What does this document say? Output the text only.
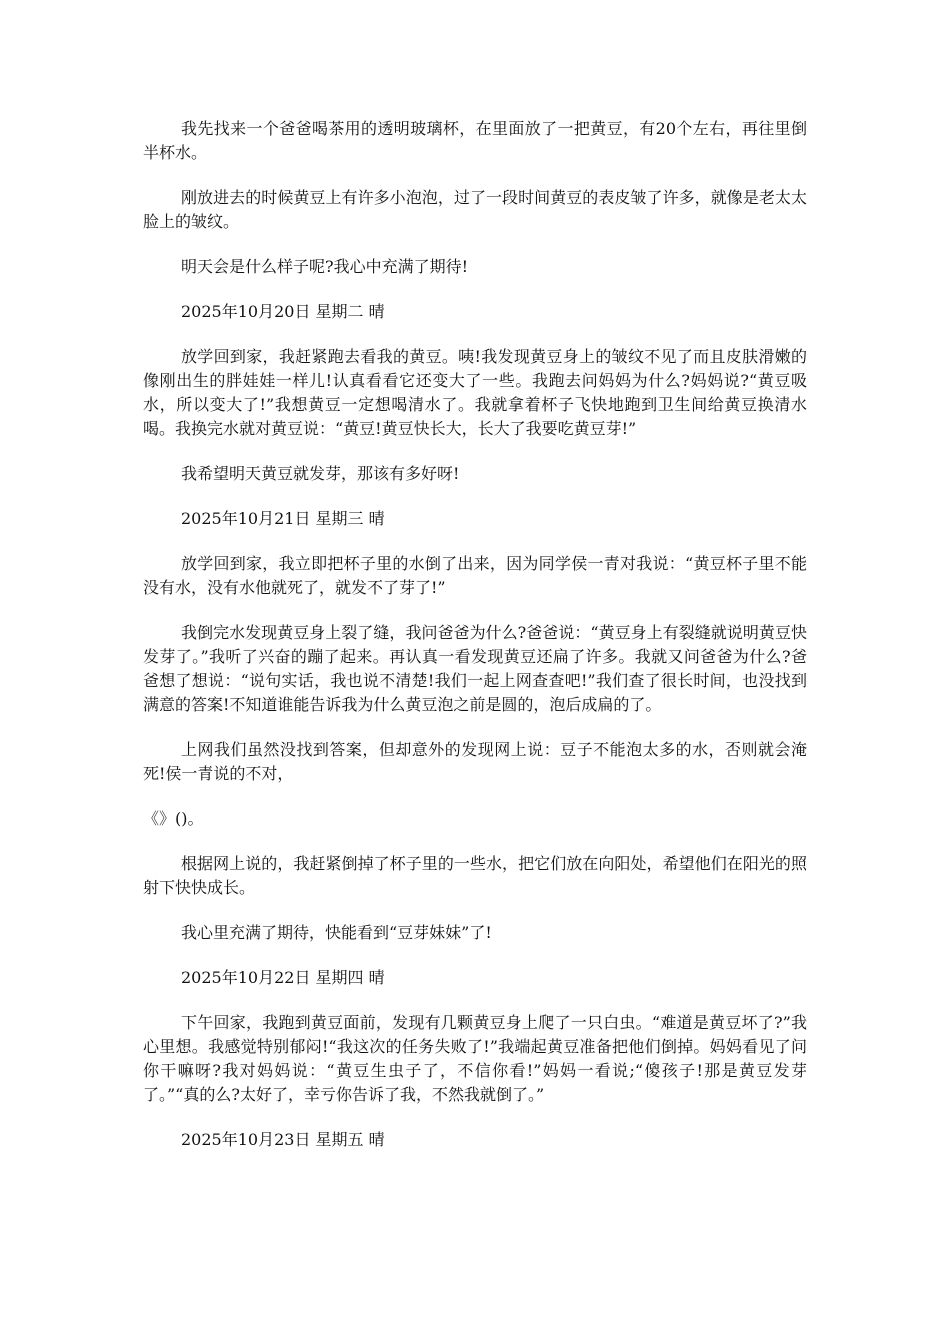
我先找来一个爸爸喝茶用的透明玻璃杯，在里面放了一把黄豆，有20个左右，再往里倒半杯水。

刚放进去的时候黄豆上有许多小泡泡，过了一段时间黄豆的表皮皱了许多，就像是老太太脸上的皱纹。

明天会是什么样子呢?我心中充满了期待!

2025年10月20日 星期二 晴

放学回到家，我赶紧跑去看我的黄豆。咦!我发现黄豆身上的皱纹不见了而且皮肤滑嫩的像刚出生的胖娃娃一样儿!认真看看它还变大了一些。我跑去问妈妈为什么?妈妈说?“黄豆吸水，所以变大了!”我想黄豆一定想喝清水了。我就拿着杯子飞快地跑到卫生间给黄豆换清水喝。我换完水就对黄豆说：“黄豆!黄豆快长大，长大了我要吃黄豆芽!”

我希望明天黄豆就发芽，那该有多好呀!

2025年10月21日 星期三 晴

放学回到家，我立即把杯子里的水倒了出来，因为同学侯一青对我说：“黄豆杯子里不能没有水，没有水他就死了，就发不了芽了!”

我倒完水发现黄豆身上裂了缝，我问爸爸为什么?爸爸说：“黄豆身上有裂缝就说明黄豆快发芽了。”我听了兴奋的蹦了起来。再认真一看发现黄豆还扁了许多。我就又问爸爸为什么?爸爸想了想说：“说句实话，我也说不清楚!我们一起上网查查吧!”我们查了很长时间，也没找到满意的答案!不知道谁能告诉我为什么黄豆泡之前是圆的，泡后成扁的了。

上网我们虽然没找到答案，但却意外的发现网上说：豆子不能泡太多的水，否则就会淹死!侯一青说的不对，

《》()。

根据网上说的，我赶紧倒掉了杯子里的一些水，把它们放在向阳处，希望他们在阳光的照射下快快成长。

我心里充满了期待，快能看到“豆芽妹妹”了!

2025年10月22日 星期四 晴

下午回家，我跑到黄豆面前，发现有几颗黄豆身上爬了一只白虫。“难道是黄豆坏了?”我心里想。我感觉特别郁闷!“我这次的任务失败了!”我端起黄豆准备把他们倒掉。妈妈看见了问你干嘛呀?我对妈妈说：“黄豆生虫子了，不信你看!”妈妈一看说;“傻孩子!那是黄豆发芽了。”“真的么?太好了，幸亏你告诉了我，不然我就倒了。”

2025年10月23日 星期五 晴
